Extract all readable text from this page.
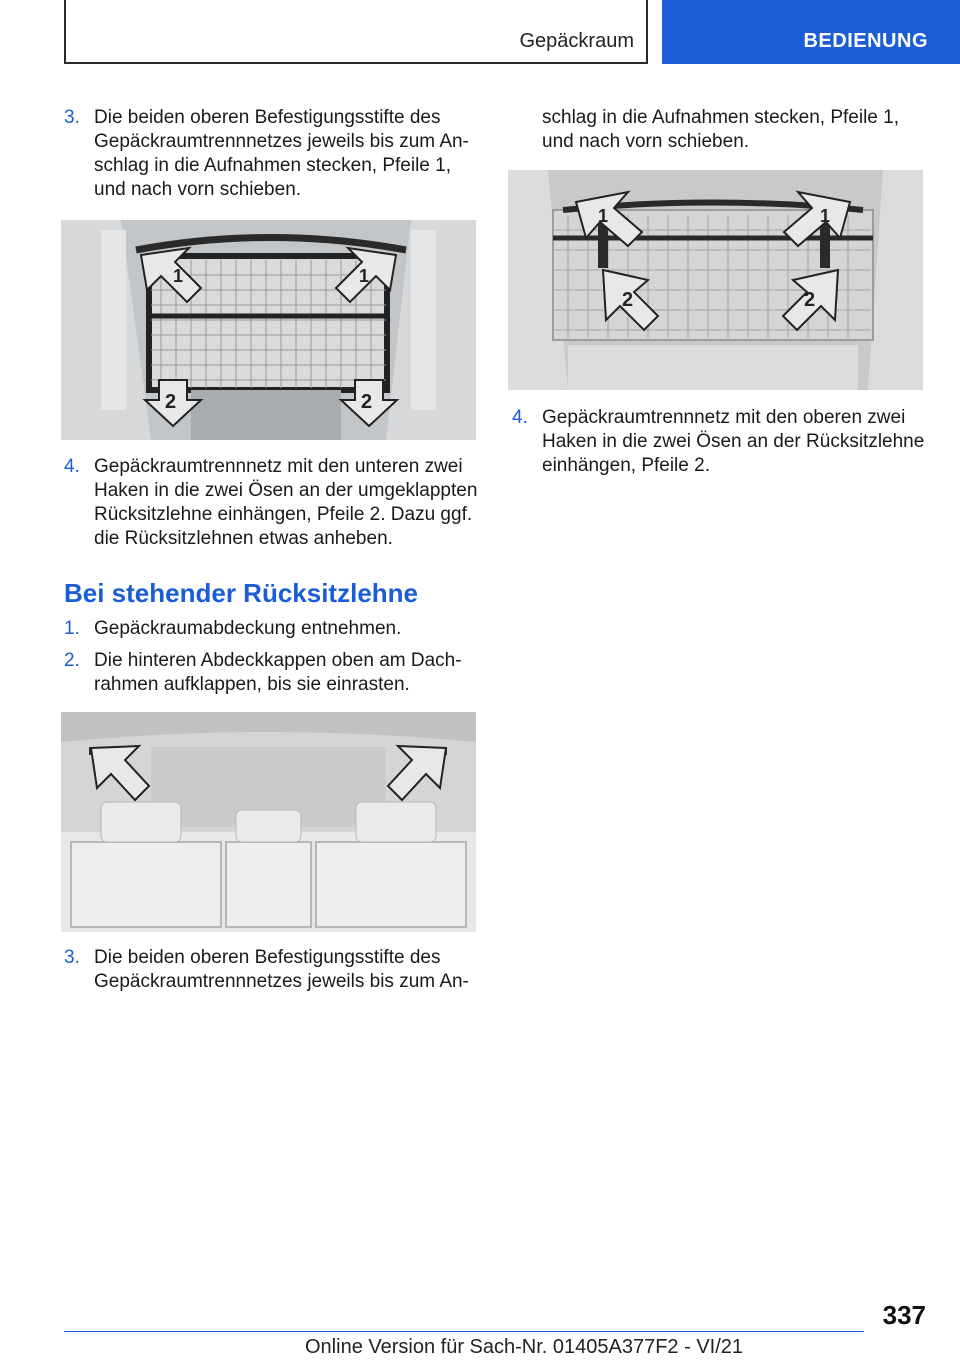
Gepäckraum	BEDIENUNG
3. Die beiden oberen Befestigungsstifte des
Gepäckraumtrennnetzes jeweils bis zum An-
schlag in die Aufnahmen stecken, Pfeile 1,
und nach vorn schieben.
1	1
2	2
4. Gepäckraumtrennnetz mit den unteren zwei
Haken in die zwei Ösen an der umgeklappten
Rücksitzlehne einhängen, Pfeile 2. Dazu ggf.
die Rücksitzlehnen etwas anheben.
Bei stehender Rücksitzlehne
1. Gepäckraumabdeckung entnehmen.
2. Die hinteren Abdeckkappen oben am Dach-
rahmen aufklappen, bis sie einrasten.
3. Die beiden oberen Befestigungsstifte des
Gepäckraumtrennnetzes jeweils bis zum An-
schlag in die Aufnahmen stecken, Pfeile 1,
und nach vorn schieben.
1	1
2	2
4. Gepäckraumtrennnetz mit den oberen zwei
Haken in die zwei Ösen an der Rücksitzlehne
einhängen, Pfeile 2.
337
Online Version für Sach-Nr. 01405A377F2 - VI/21
